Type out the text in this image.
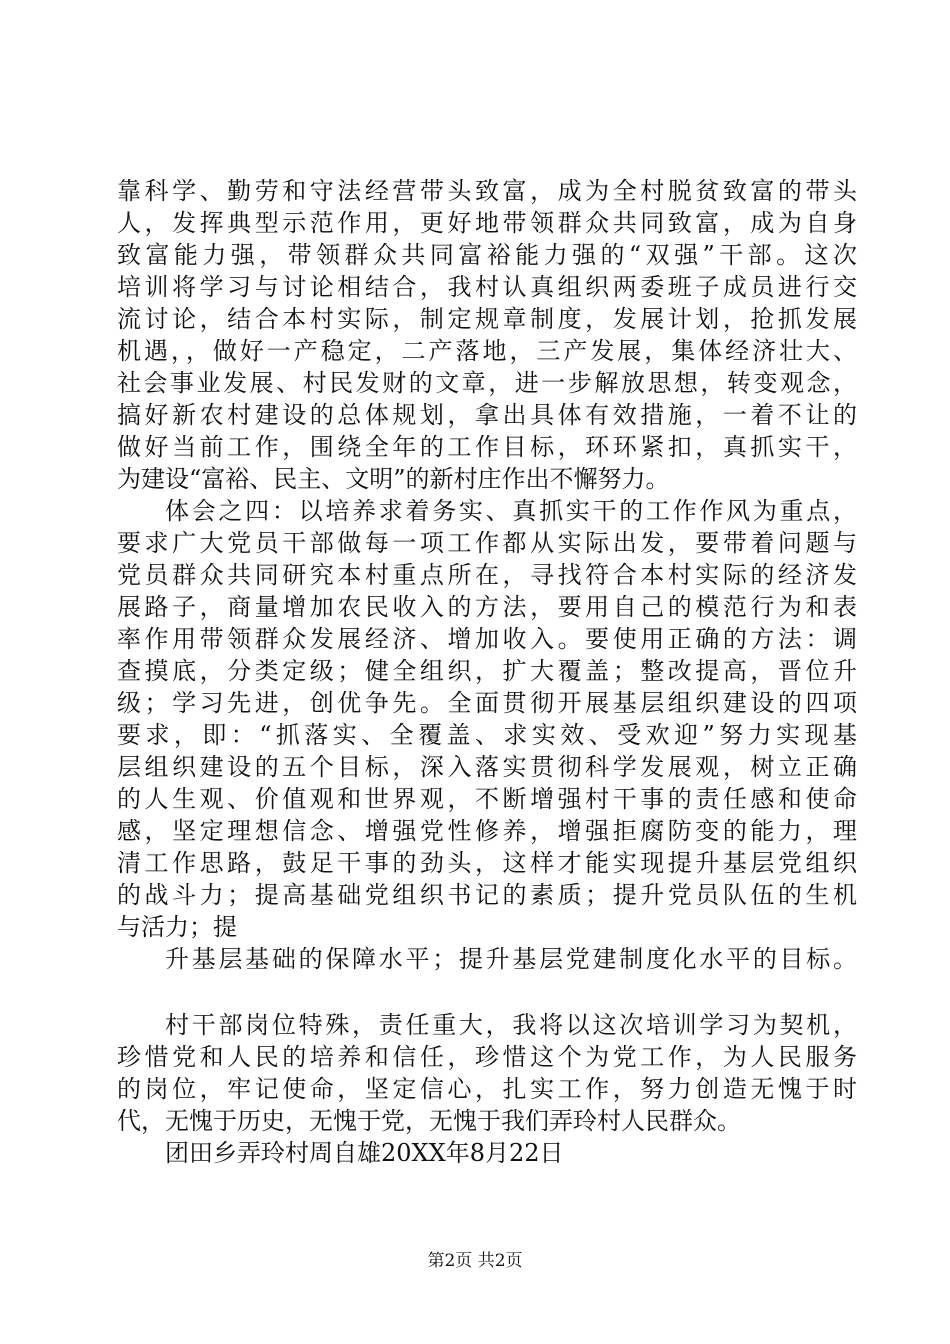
靠科学、勤劳和守法经营带头致富，成为全村脱贫致富的带头
人，发挥典型示范作用，更好地带领群众共同致富，成为自身
致富能力强，带领群众共同富裕能力强的“双强”干部。这次
培训将学习与讨论相结合，我村认真组织两委班子成员进行交
流讨论，结合本村实际，制定规章制度，发展计划，抢抓发展
机遇，，做好一产稳定，二产落地，三产发展，集体经济壮大、
社会事业发展、村民发财的文章，进一步解放思想，转变观念，
搞好新农村建设的总体规划，拿出具体有效措施，一着不让的
做好当前工作，围绕全年的工作目标，环环紧扣，真抓实干，
为建设“富裕、民主、文明”的新村庄作出不懈努力。
体会之四：以培养求着务实、真抓实干的工作作风为重点，
要求广大党员干部做每一项工作都从实际出发，要带着问题与
党员群众共同研究本村重点所在，寻找符合本村实际的经济发
展路子，商量增加农民收入的方法，要用自己的模范行为和表
率作用带领群众发展经济、增加收入。要使用正确的方法：调
查摸底，分类定级；健全组织，扩大覆盖；整改提高，晋位升
级；学习先进，创优争先。全面贯彻开展基层组织建设的四项
要求，即：“抓落实、全覆盖、求实效、受欢迎”努力实现基
层组织建设的五个目标，深入落实贯彻科学发展观，树立正确
的人生观、价值观和世界观，不断增强村干事的责任感和使命
感，坚定理想信念、增强党性修养，增强拒腐防变的能力，理
清工作思路，鼓足干事的劲头，这样才能实现提升基层党组织
的战斗力；提高基础党组织书记的素质；提升党员队伍的生机
与活力；提
升基层基础的保障水平；提升基层党建制度化水平的目标。
村干部岗位特殊，责任重大，我将以这次培训学习为契机，
珍惜党和人民的培养和信任，珍惜这个为党工作，为人民服务
的岗位，牢记使命，坚定信心，扎实工作，努力创造无愧于时
代，无愧于历史，无愧于党，无愧于我们弄玲村人民群众。
团田乡弄玲村周自雄20XX年8月22日
第2页 共2页
